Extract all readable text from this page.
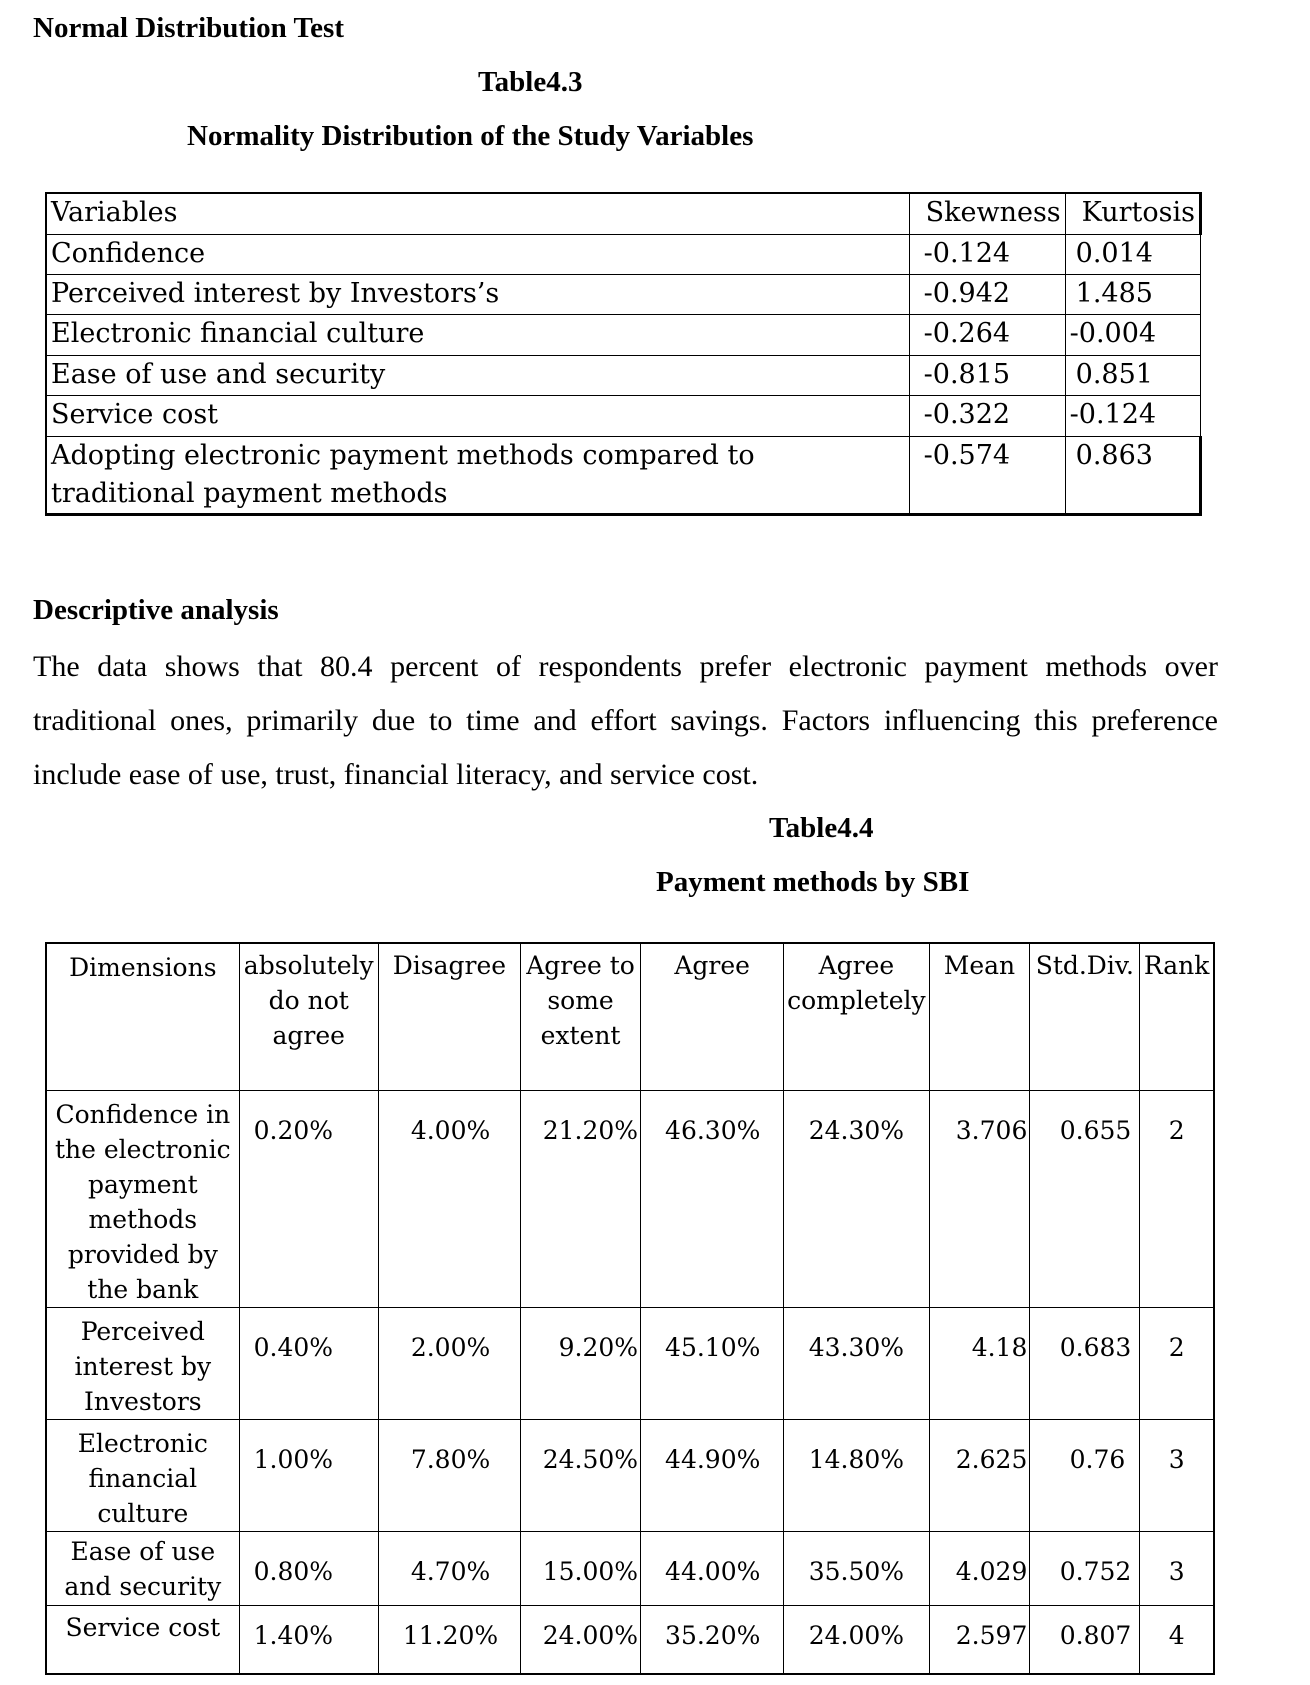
Normal Distribution Test
Table4.3
Normality Distribution of the Study Variables
Variables	Skewness	Kurtosis
Confidence	-0.124	0.014
Perceived interest by Investors’s	-0.942	1.485
Electronic financial culture	-0.264	-0.004
Ease of use and security	-0.815	0.851
Service cost	-0.322	-0.124
Adopting electronic payment methods compared to traditional payment methods	-0.574	0.863
Descriptive analysis

The data shows that 80.4 percent of respondents prefer electronic payment methods over traditional ones, primarily due to time and effort savings. Factors influencing this preference include ease of use, trust, financial literacy, and service cost.

Table4.4
Payment methods by SBI
Dimensions	absolutely do not agree	Disagree	Agree to some extent	Agree	Agree completely	Mean	Std.Div.	Rank
Confidence in the electronic payment methods provided by the bank	0.20%	4.00%	21.20%	46.30%	24.30%	3.706	0.655	2
Perceived interest by Investors	0.40%	2.00%	9.20%	45.10%	43.30%	4.18	0.683	2
Electronic financial culture	1.00%	7.80%	24.50%	44.90%	14.80%	2.625	0.76	3
Ease of use and security	0.80%	4.70%	15.00%	44.00%	35.50%	4.029	0.752	3
Service cost	1.40%	11.20%	24.00%	35.20%	24.00%	2.597	0.807	4
